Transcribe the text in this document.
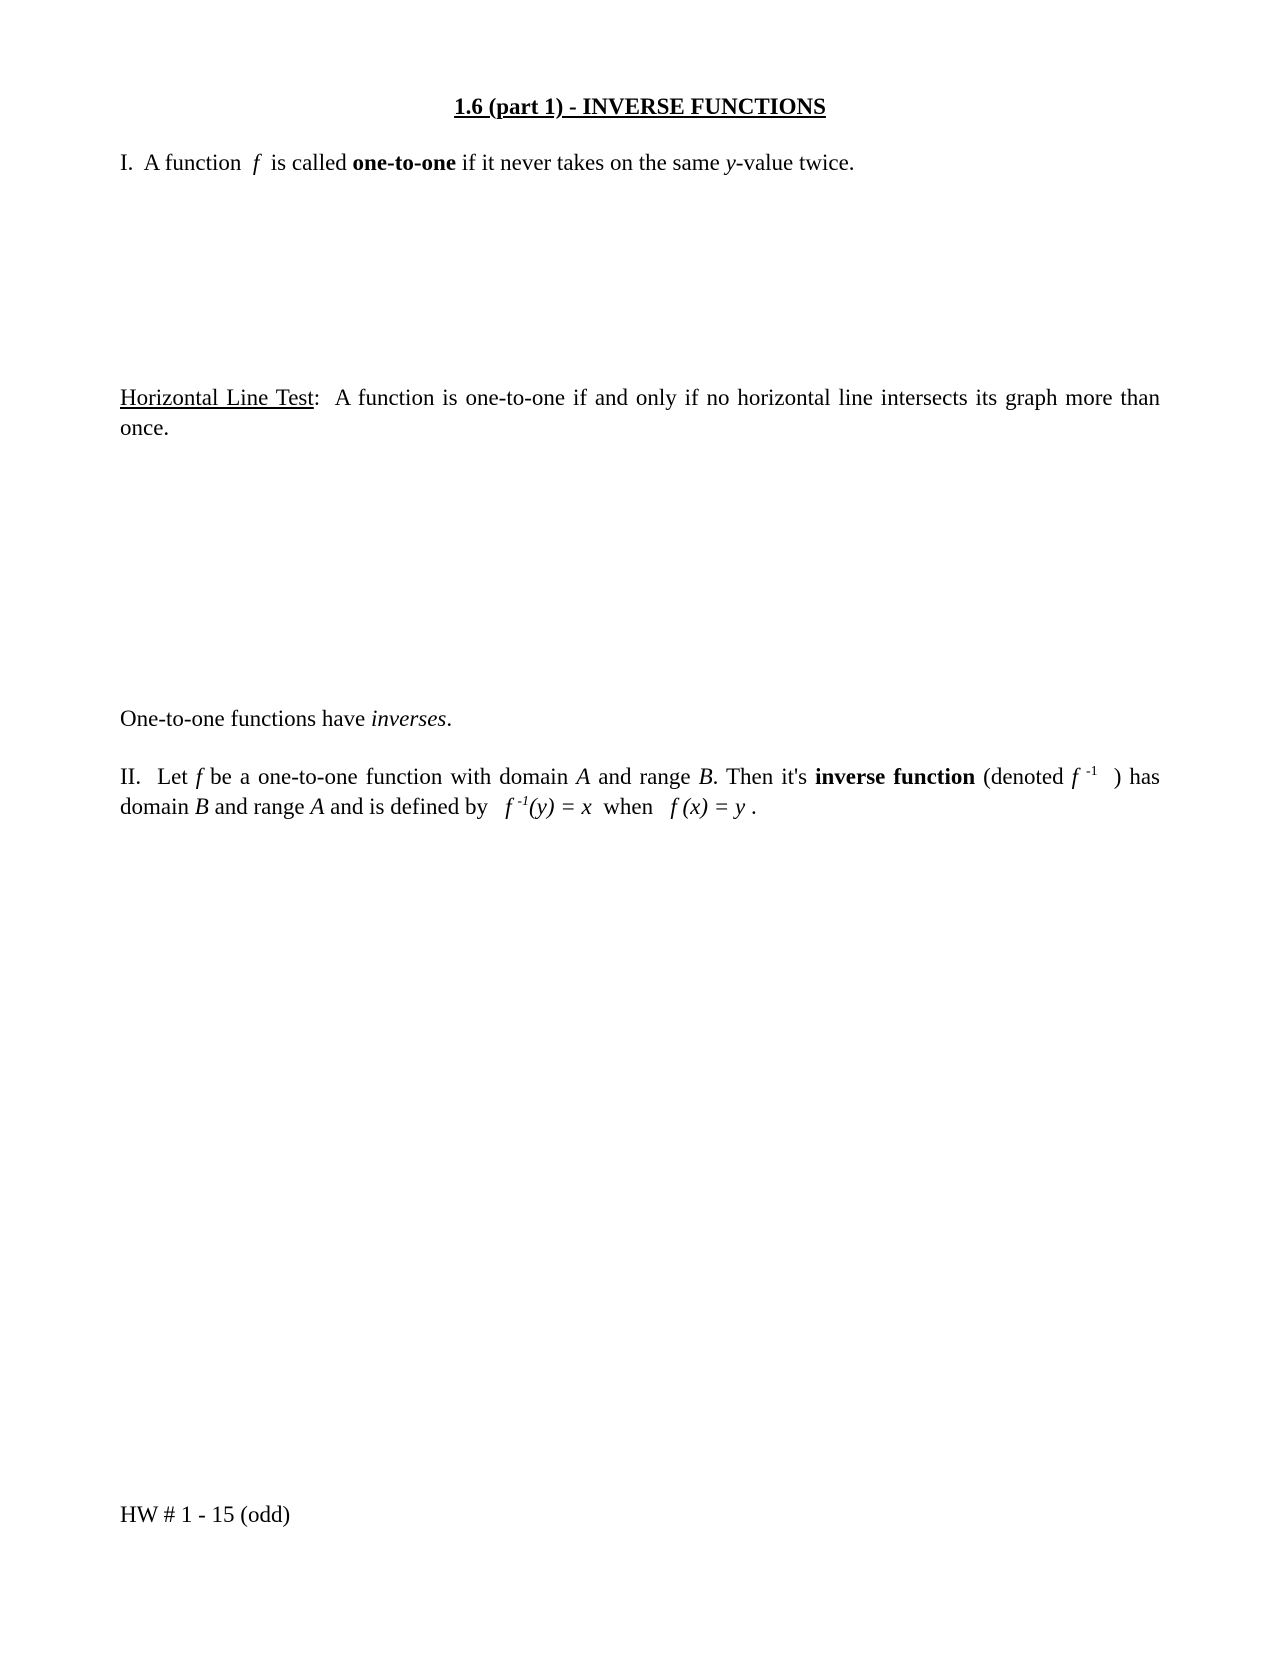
1.6 (part 1) - INVERSE FUNCTIONS

I. A function f is called one-to-one if it never takes on the same y-value twice.

Horizontal Line Test: A function is one-to-one if and only if no horizontal line intersects its graph more than once.

One-to-one functions have inverses.

II. Let f be a one-to-one function with domain A and range B. Then it's inverse function (denoted f $^{-1}$ ) has domain B and range A and is defined by f $^{-1}$(y) = x when f (x) = y .

HW # 1 - 15 (odd)
